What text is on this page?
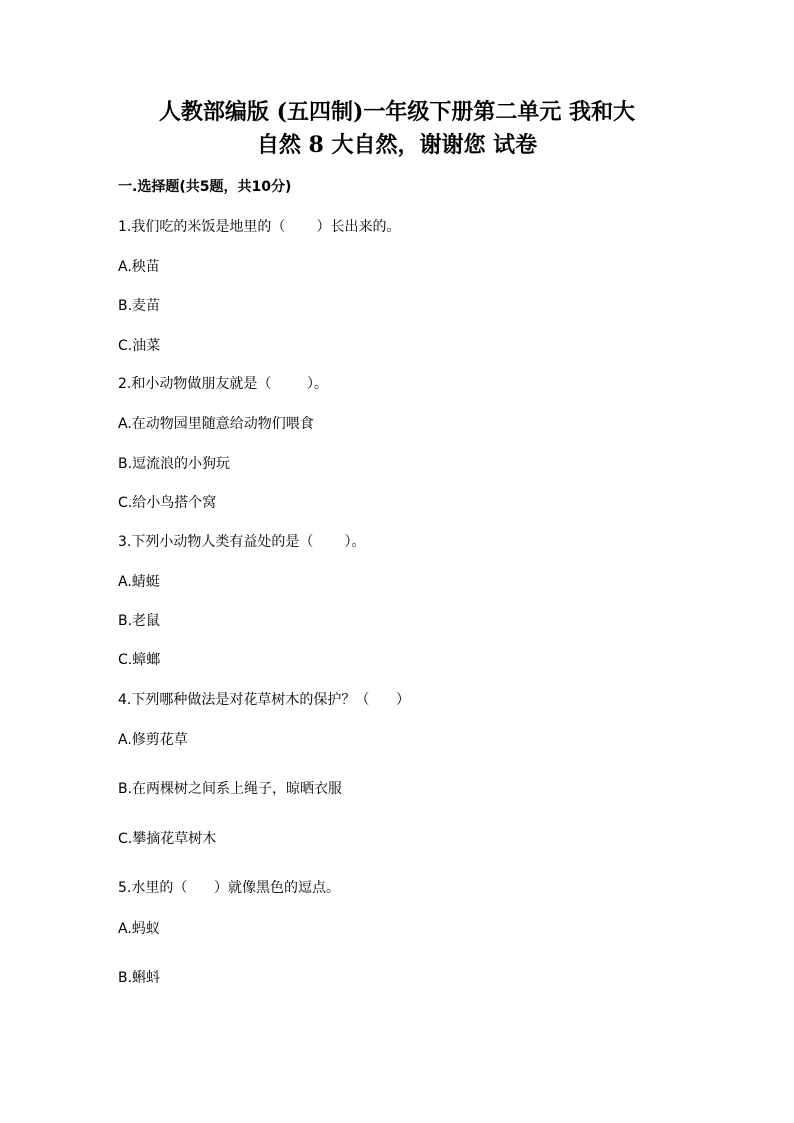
人教部编版 (五四制)一年级下册第二单元 我和大
自然 8 大自然，谢谢您 试卷
一.选择题(共5题，共10分)
1.我们吃的米饭是地里的（       ）长出来的。
A.秧苗
B.麦苗
C.油菜
2.和小动物做朋友就是（        ）。
A.在动物园里随意给动物们喂食
B.逗流浪的小狗玩
C.给小鸟搭个窝
3.下列小动物人类有益处的是（       ）。
A.蜻蜓
B.老鼠
C.蟑螂
4.下列哪种做法是对花草树木的保护？（      ）
A.修剪花草
B.在两棵树之间系上绳子，晾晒衣服
C.攀摘花草树木
5.水里的（      ）就像黑色的逗点。
A.蚂蚁
B.蝌蚪
